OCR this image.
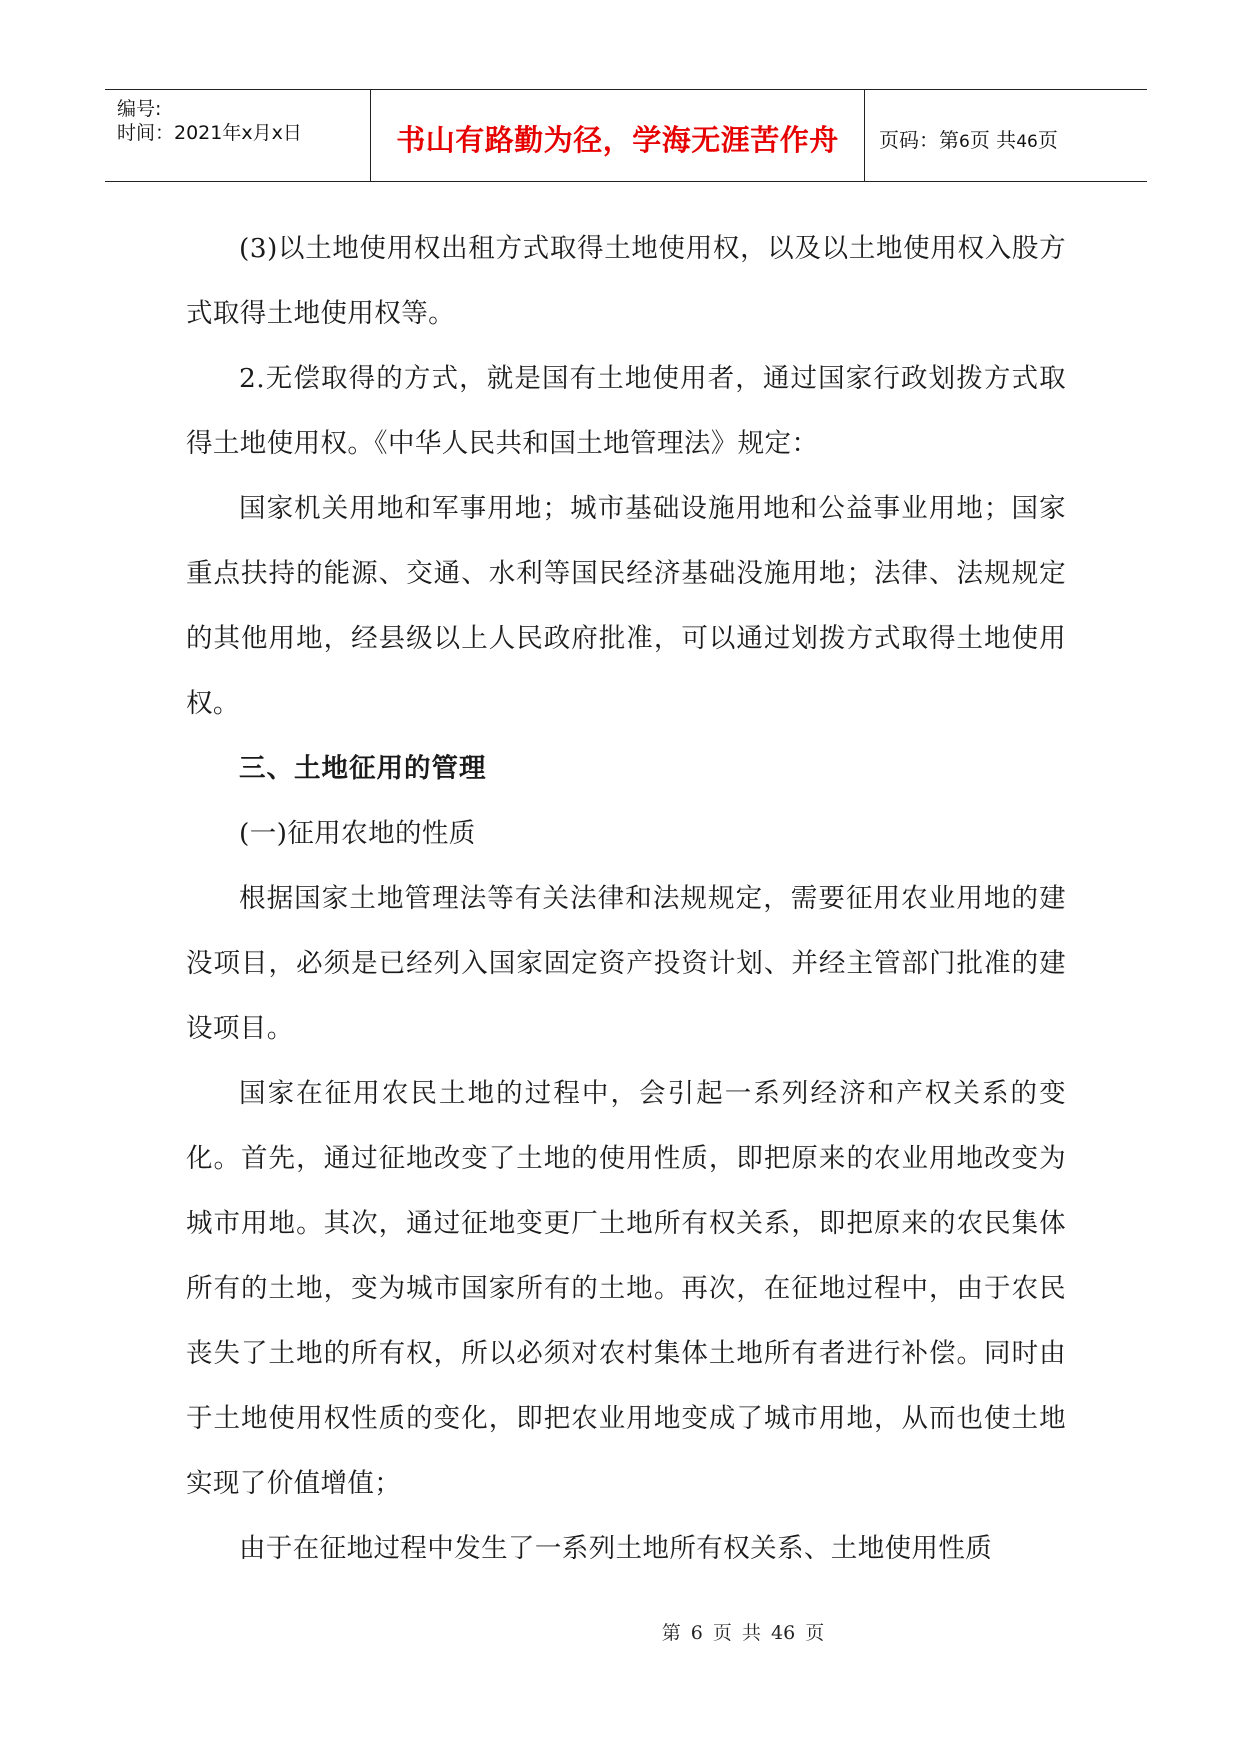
编号:
时间：2021年x月x日	书山有路勤为径，学海无涯苦作舟	页码：第6页 共46页

(3)以土地使用权出租方式取得土地使用权，以及以土地使用权入股方式取得土地使用权等。

2.无偿取得的方式，就是国有土地使用者，通过国家行政划拨方式取得土地使用权。《中华人民共和国土地管理法》规定：

国家机关用地和军事用地；城市基础设施用地和公益事业用地；国家重点扶持的能源、交通、水利等国民经济基础没施用地；法律、法规规定的其他用地，经县级以上人民政府批准，可以通过划拨方式取得土地使用权。

三、土地征用的管理

(一)征用农地的性质

根据国家土地管理法等有关法律和法规规定，需要征用农业用地的建没项目，必须是已经列入国家固定资产投资计划、并经主管部门批准的建设项目。

国家在征用农民土地的过程中，会引起一系列经济和产权关系的变化。首先，通过征地改变了土地的使用性质，即把原来的农业用地改变为城市用地。其次，通过征地变更厂土地所有权关系，即把原来的农民集体所有的土地，变为城市国家所有的土地。再次，在征地过程中，由于农民丧失了土地的所有权，所以必须对农村集体土地所有者进行补偿。同时由于土地使用权性质的变化，即把农业用地变成了城市用地，从而也使土地实现了价值增值；

由于在征地过程中发生了一系列土地所有权关系、土地使用性质

第 6 页 共 46 页
